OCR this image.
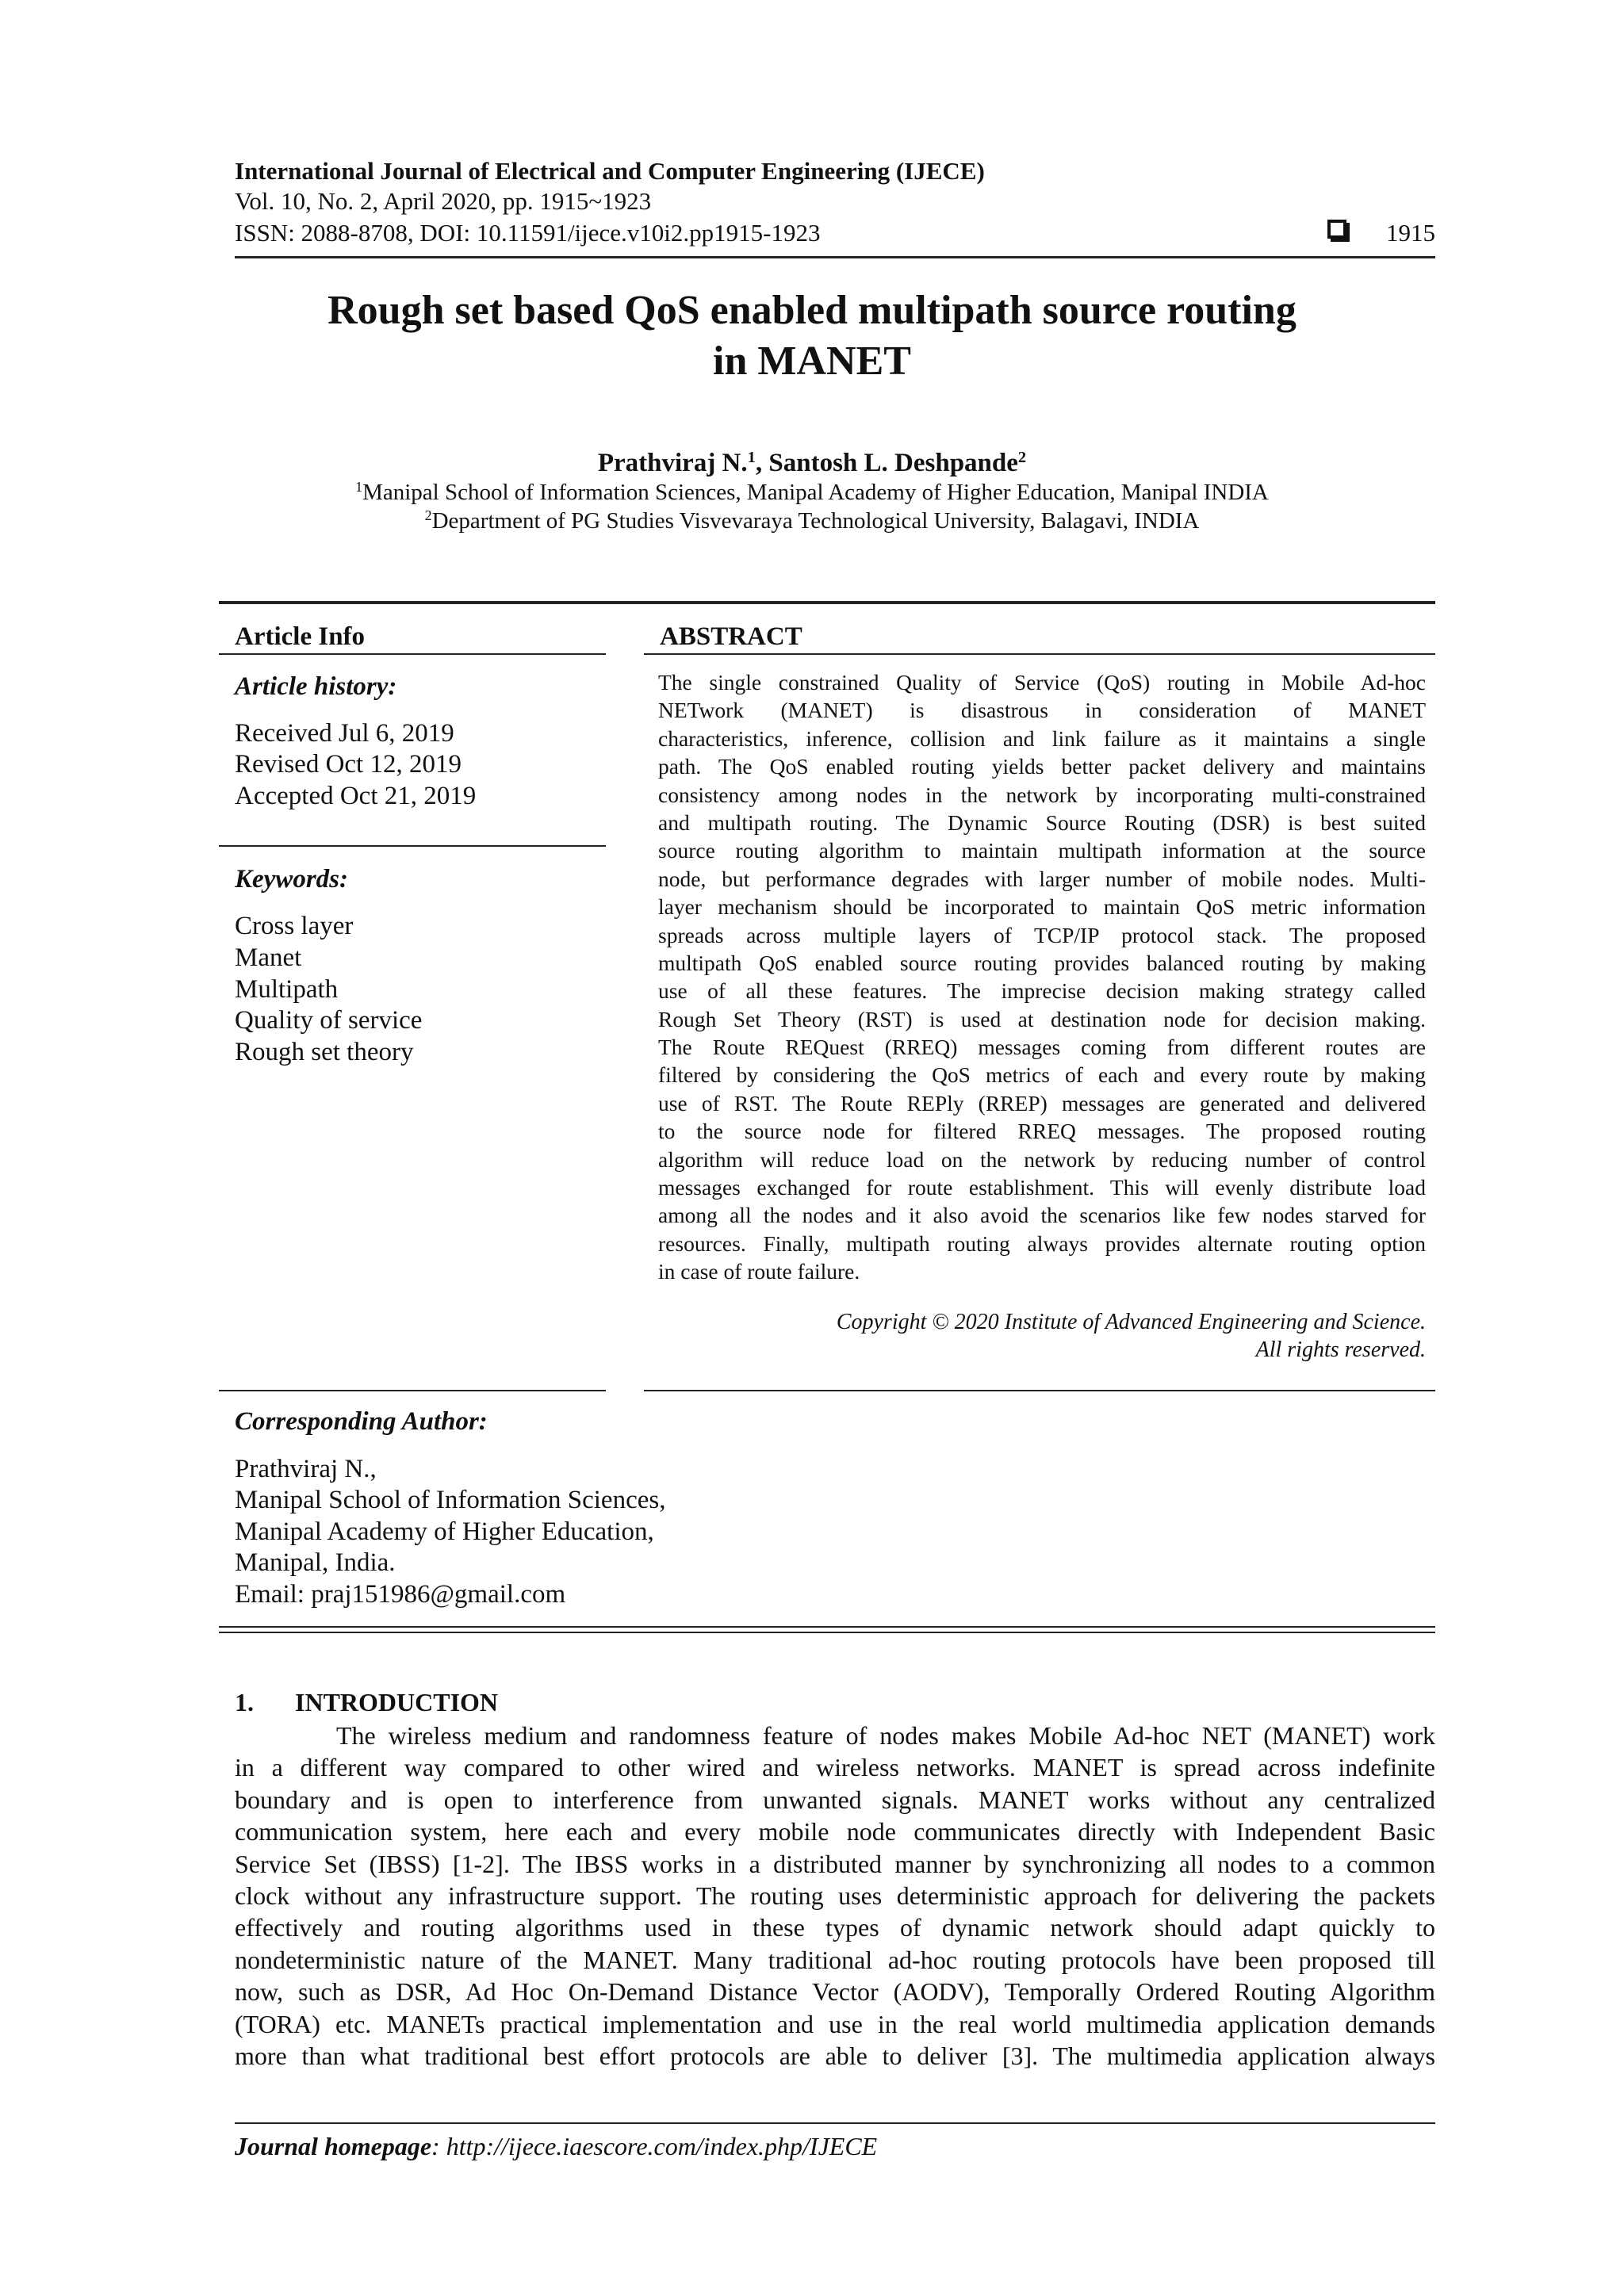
International Journal of Electrical and Computer Engineering (IJECE)
Vol. 10, No. 2, April 2020, pp. 1915~1923
ISSN: 2088-8708, DOI: 10.11591/ijece.v10i2.pp1915-1923	1915
Rough set based QoS enabled multipath source routing
in MANET
Prathviraj N.$^1$, Santosh L. Deshpande$^2$
$^1$Manipal School of Information Sciences, Manipal Academy of Higher Education, Manipal INDIA
$^2$Department of PG Studies Visvevaraya Technological University, Balagavi, INDIA
Article Info
Article history:
Received Jul 6, 2019
Revised Oct 12, 2019
Accepted Oct 21, 2019
Keywords:
Cross layer
Manet
Multipath
Quality of service
Rough set theory
ABSTRACT
The single constrained Quality of Service (QoS) routing in Mobile Ad-hoc
NETwork (MANET) is disastrous in consideration of MANET
characteristics, inference, collision and link failure as it maintains a single
path. The QoS enabled routing yields better packet delivery and maintains
consistency among nodes in the network by incorporating multi-constrained
and multipath routing. The Dynamic Source Routing (DSR) is best suited
source routing algorithm to maintain multipath information at the source
node, but performance degrades with larger number of mobile nodes. Multi-
layer mechanism should be incorporated to maintain QoS metric information
spreads across multiple layers of TCP/IP protocol stack. The proposed
multipath QoS enabled source routing provides balanced routing by making
use of all these features. The imprecise decision making strategy called
Rough Set Theory (RST) is used at destination node for decision making.
The Route REQuest (RREQ) messages coming from different routes are
filtered by considering the QoS metrics of each and every route by making
use of RST. The Route REPly (RREP) messages are generated and delivered
to the source node for filtered RREQ messages. The proposed routing
algorithm will reduce load on the network by reducing number of control
messages exchanged for route establishment. This will evenly distribute load
among all the nodes and it also avoid the scenarios like few nodes starved for
resources. Finally, multipath routing always provides alternate routing option
in case of route failure.
Copyright © 2020 Institute of Advanced Engineering and Science.
All rights reserved.
Corresponding Author:
Prathviraj N.,
Manipal School of Information Sciences,
Manipal Academy of Higher Education,
Manipal, India.
Email: praj151986@gmail.com
1. INTRODUCTION
The wireless medium and randomness feature of nodes makes Mobile Ad-hoc NET (MANET) work
in a different way compared to other wired and wireless networks. MANET is spread across indefinite
boundary and is open to interference from unwanted signals. MANET works without any centralized
communication system, here each and every mobile node communicates directly with Independent Basic
Service Set (IBSS) [1-2]. The IBSS works in a distributed manner by synchronizing all nodes to a common
clock without any infrastructure support. The routing uses deterministic approach for delivering the packets
effectively and routing algorithms used in these types of dynamic network should adapt quickly to
nondeterministic nature of the MANET. Many traditional ad-hoc routing protocols have been proposed till
now, such as DSR, Ad Hoc On-Demand Distance Vector (AODV), Temporally Ordered Routing Algorithm
(TORA) etc. MANETs practical implementation and use in the real world multimedia application demands
more than what traditional best effort protocols are able to deliver [3]. The multimedia application always
Journal homepage: http://ijece.iaescore.com/index.php/IJECE
